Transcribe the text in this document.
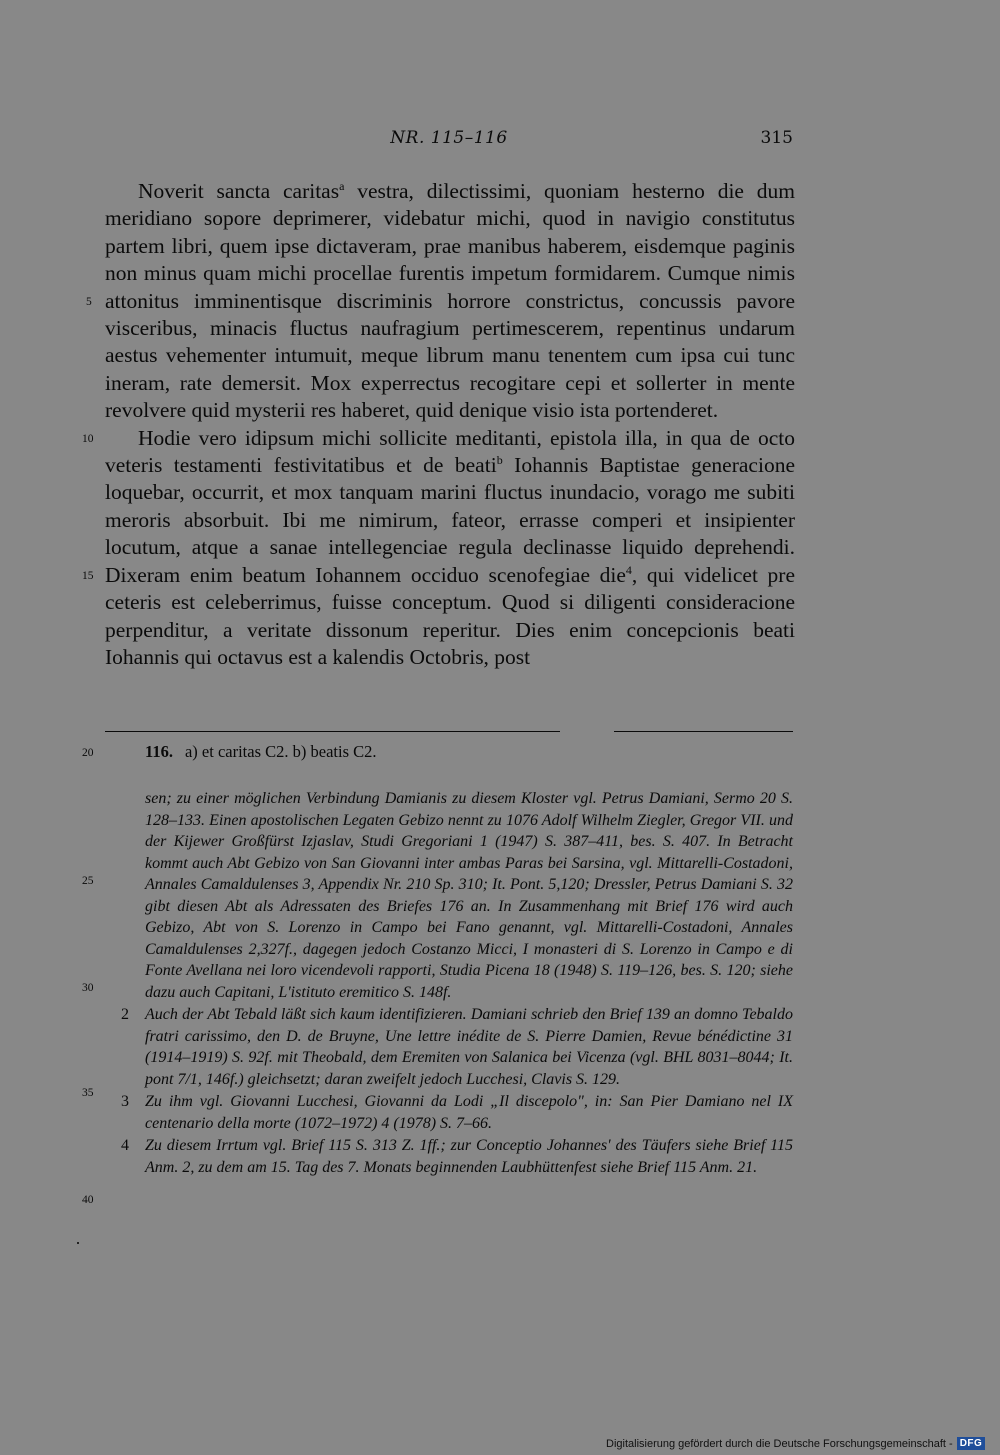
NR. 115–116	315

Noverit sancta caritas$^a$ vestra, dilectissimi, quoniam hesterno die dum meridiano sopore deprimerer, videbatur michi, quod in navigio constitutus partem libri, quem ipse dictaveram, prae manibus haberem, eisdemque paginis non minus quam michi procellae furentis impetum formidarem. Cumque nimis attonitus imminentisque discriminis horrore constrictus, concussis pavore visceribus, minacis fluctus naufragium pertimescerem, repentinus undarum aestus vehementer intumuit, meque librum manu tenentem cum ipsa cui tunc ineram, rate demersit. Mox experrectus recogitare cepi et sollerter in mente revolvere quid mysterii res haberet, quid denique visio ista portenderet.

Hodie vero idipsum michi sollicite meditanti, epistola illa, in qua de octo veteris testamenti festivitatibus et de beati$^b$ Iohannis Baptistae generacione loquebar, occurrit, et mox tanquam marini fluctus inundacio, vorago me subiti meroris absorbuit. Ibi me nimirum, fateor, errasse comperi et insipienter locutum, atque a sanae intellegenciae regula declinasse liquido deprehendi. Dixeram enim beatum Iohannem occiduo scenofegiae die$^4$, qui videlicet pre ceteris est celeberrimus, fuisse conceptum. Quod si diligenti consideracione perpenditur, a veritate dissonum reperitur. Dies enim concepcionis beati Iohannis qui octavus est a kalendis Octobris, post

116. a) et caritas C2. b) beatis C2.
sen; zu einer möglichen Verbindung Damianis zu diesem Kloster vgl. Petrus Damiani, Sermo 20 S. 128–133. Einen apostolischen Legaten Gebizo nennt zu 1076 Adolf Wilhelm Ziegler, Gregor VII. und der Kijewer Großfürst Izjaslav, Studi Gregoriani 1 (1947) S. 387–411, bes. S. 407. In Betracht kommt auch Abt Gebizo von San Giovanni inter ambas Paras bei Sarsina, vgl. Mittarelli-Costadoni, Annales Camaldulenses 3, Appendix Nr. 210 Sp. 310; It. Pont. 5,120; Dressler, Petrus Damiani S. 32 gibt diesen Abt als Adressaten des Briefes 176 an. In Zusammenhang mit Brief 176 wird auch Gebizo, Abt von S. Lorenzo in Campo bei Fano genannt, vgl. Mittarelli-Costadoni, Annales Camaldulenses 2,327f., dagegen jedoch Costanzo Micci, I monasteri di S. Lorenzo in Campo e di Fonte Avellana nei loro vicendevoli rapporti, Studia Picena 18 (1948) S. 119–126, bes. S. 120; siehe dazu auch Capitani, L'istituto eremitico S. 148f.
2 Auch der Abt Tebald läßt sich kaum identifizieren. Damiani schrieb den Brief 139 an domno Tebaldo fratri carissimo, den D. de Bruyne, Une lettre inédite de S. Pierre Damien, Revue bénédictine 31 (1914–1919) S. 92f. mit Theobald, dem Eremiten von Salanica bei Vicenza (vgl. BHL 8031–8044; It. pont 7/1, 146f.) gleichsetzt; daran zweifelt jedoch Lucchesi, Clavis S. 129.
3 Zu ihm vgl. Giovanni Lucchesi, Giovanni da Lodi „Il discepolo", in: San Pier Damiano nel IX centenario della morte (1072–1972) 4 (1978) S. 7–66.
4 Zu diesem Irrtum vgl. Brief 115 S. 313 Z. 1ff.; zur Conceptio Johannes' des Täufers siehe Brief 115 Anm. 2, zu dem am 15. Tag des 7. Monats beginnenden Laubhüttenfest siehe Brief 115 Anm. 21.
5
10
15
20
25
30
35
40
Digitalisierung gefördert durch die Deutsche Forschungsgemeinschaft - DFG
